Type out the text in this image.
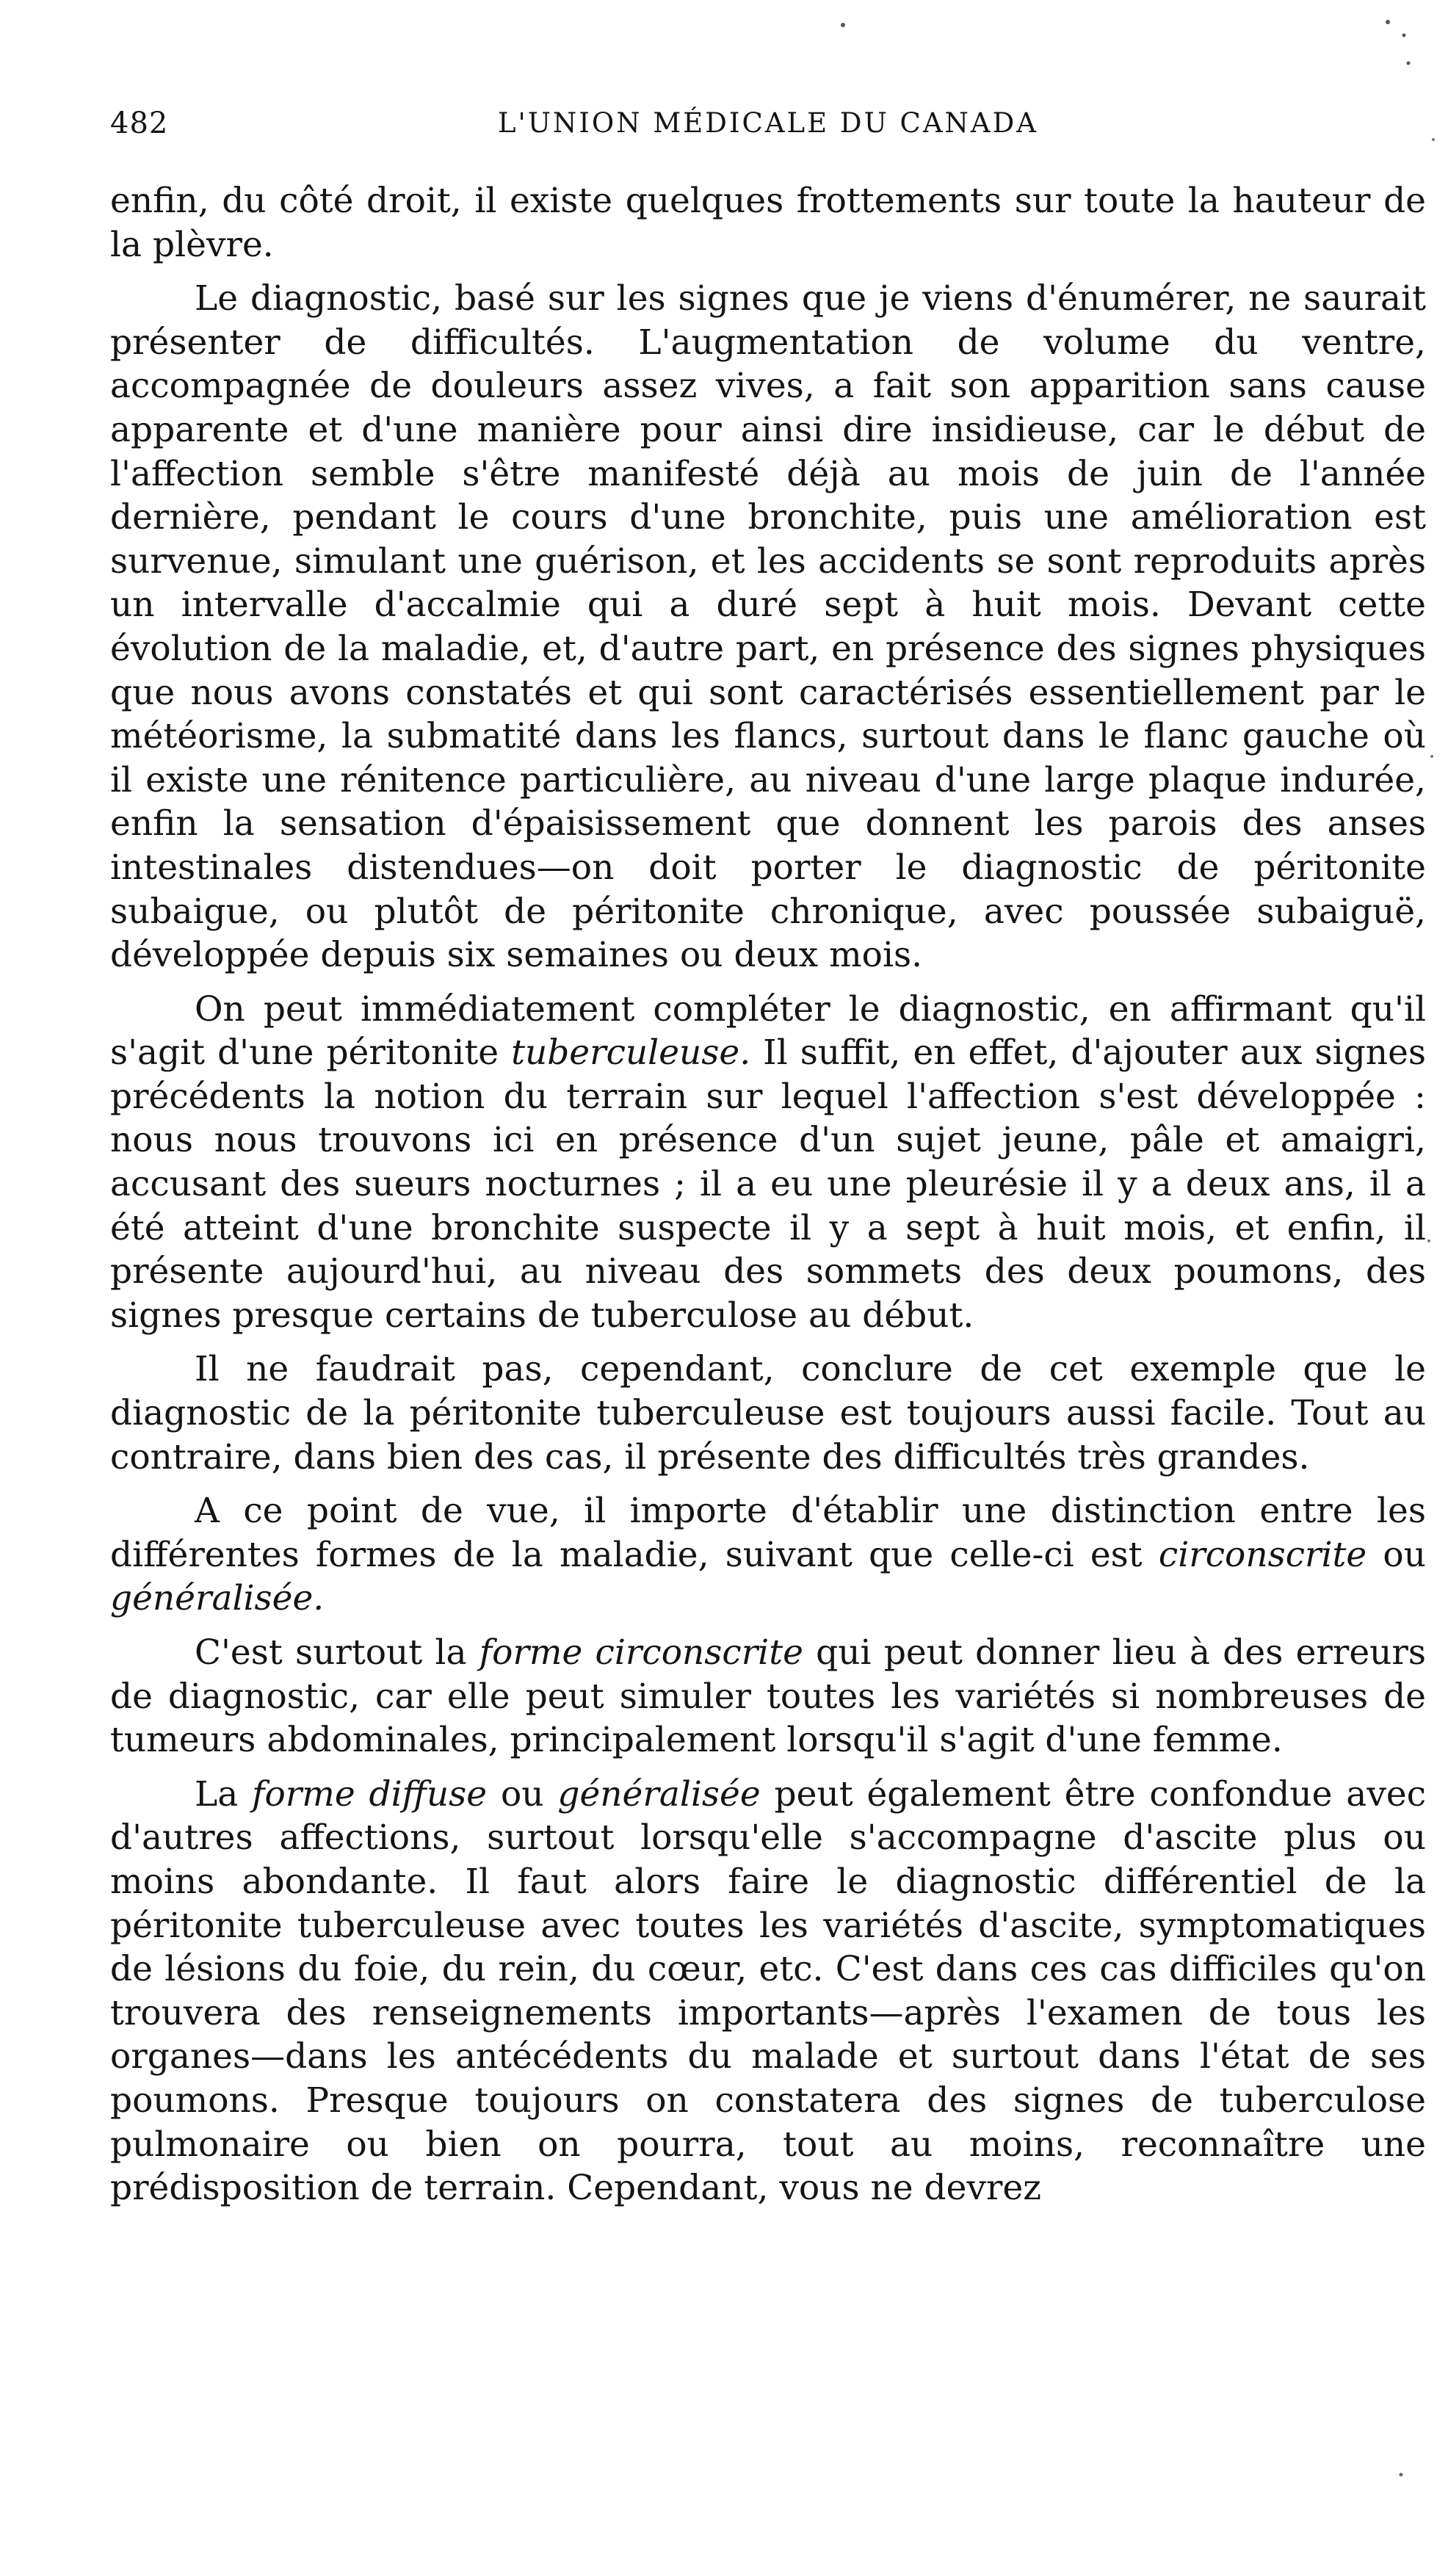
482	L'UNION MÉDICALE DU CANADA

enfin, du côté droit, il existe quelques frottements sur toute la hauteur de la plèvre.

Le diagnostic, basé sur les signes que je viens d'énumérer, ne saurait présenter de difficultés. L'augmentation de volume du ventre, accompagnée de douleurs assez vives, a fait son apparition sans cause apparente et d'une manière pour ainsi dire insidieuse, car le début de l'affection semble s'être manifesté déjà au mois de juin de l'année dernière, pendant le cours d'une bronchite, puis une amélioration est survenue, simulant une guérison, et les accidents se sont reproduits après un intervalle d'accalmie qui a duré sept à huit mois. Devant cette évolution de la maladie, et, d'autre part, en présence des signes physiques que nous avons constatés et qui sont caractérisés essentiellement par le météorisme, la submatité dans les flancs, surtout dans le flanc gauche où il existe une rénitence particulière, au niveau d'une large plaque indurée, enfin la sensation d'épaisissement que donnent les parois des anses intestinales distendues—on doit porter le diagnostic de péritonite subaigue, ou plutôt de péritonite chronique, avec poussée subaiguë, développée depuis six semaines ou deux mois.

On peut immédiatement compléter le diagnostic, en affirmant qu'il s'agit d'une péritonite tuberculeuse. Il suffit, en effet, d'ajouter aux signes précédents la notion du terrain sur lequel l'affection s'est développée : nous nous trouvons ici en présence d'un sujet jeune, pâle et amaigri, accusant des sueurs nocturnes ; il a eu une pleurésie il y a deux ans, il a été atteint d'une bronchite suspecte il y a sept à huit mois, et enfin, il présente aujourd'hui, au niveau des sommets des deux poumons, des signes presque certains de tuberculose au début.

Il ne faudrait pas, cependant, conclure de cet exemple que le diagnostic de la péritonite tuberculeuse est toujours aussi facile. Tout au contraire, dans bien des cas, il présente des difficultés très grandes.

A ce point de vue, il importe d'établir une distinction entre les différentes formes de la maladie, suivant que celle-ci est circonscrite ou généralisée.

C'est surtout la forme circonscrite qui peut donner lieu à des erreurs de diagnostic, car elle peut simuler toutes les variétés si nombreuses de tumeurs abdominales, principalement lorsqu'il s'agit d'une femme.

La forme diffuse ou généralisée peut également être confondue avec d'autres affections, surtout lorsqu'elle s'accompagne d'ascite plus ou moins abondante. Il faut alors faire le diagnostic différentiel de la péritonite tuberculeuse avec toutes les variétés d'ascite, symptomatiques de lésions du foie, du rein, du cœur, etc. C'est dans ces cas difficiles qu'on trouvera des renseignements importants—après l'examen de tous les organes—dans les antécédents du malade et surtout dans l'état de ses poumons. Presque toujours on constatera des signes de tuberculose pulmonaire ou bien on pourra, tout au moins, reconnaître une prédisposition de terrain. Cependant, vous ne devrez
